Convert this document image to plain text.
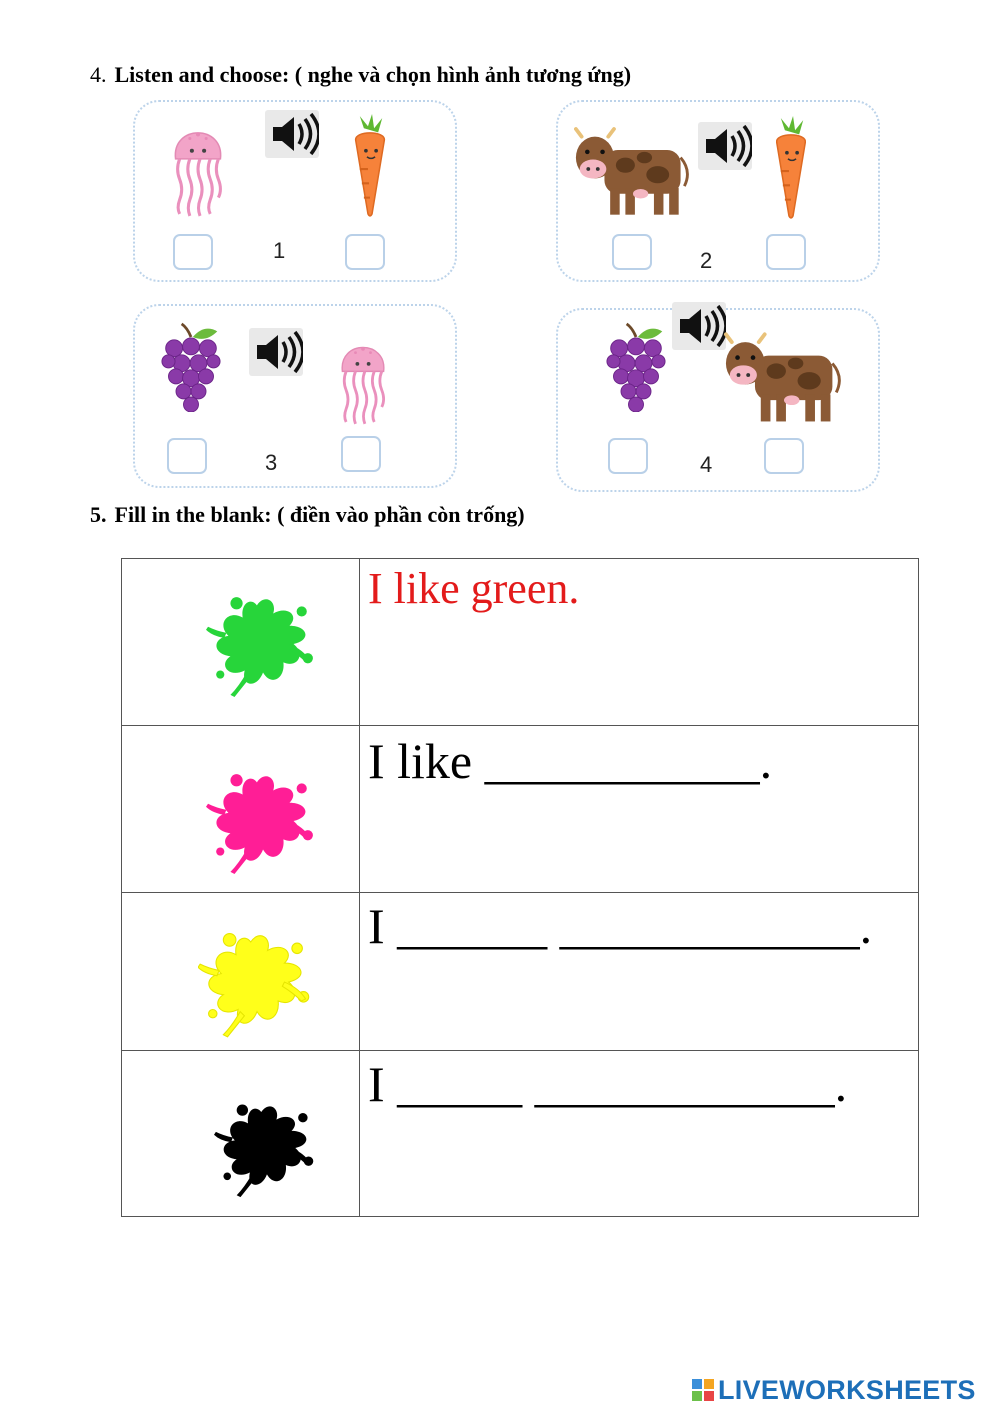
4. Listen and choose: ( nghe và chọn hình ảnh tương ứng)
1	2
3	4
5. Fill in the blank: ( điền vào phần còn trống)

I like green.

I like ___________.

I ______ ____________.

I _____ ____________.
LIVEWORKSHEETS
